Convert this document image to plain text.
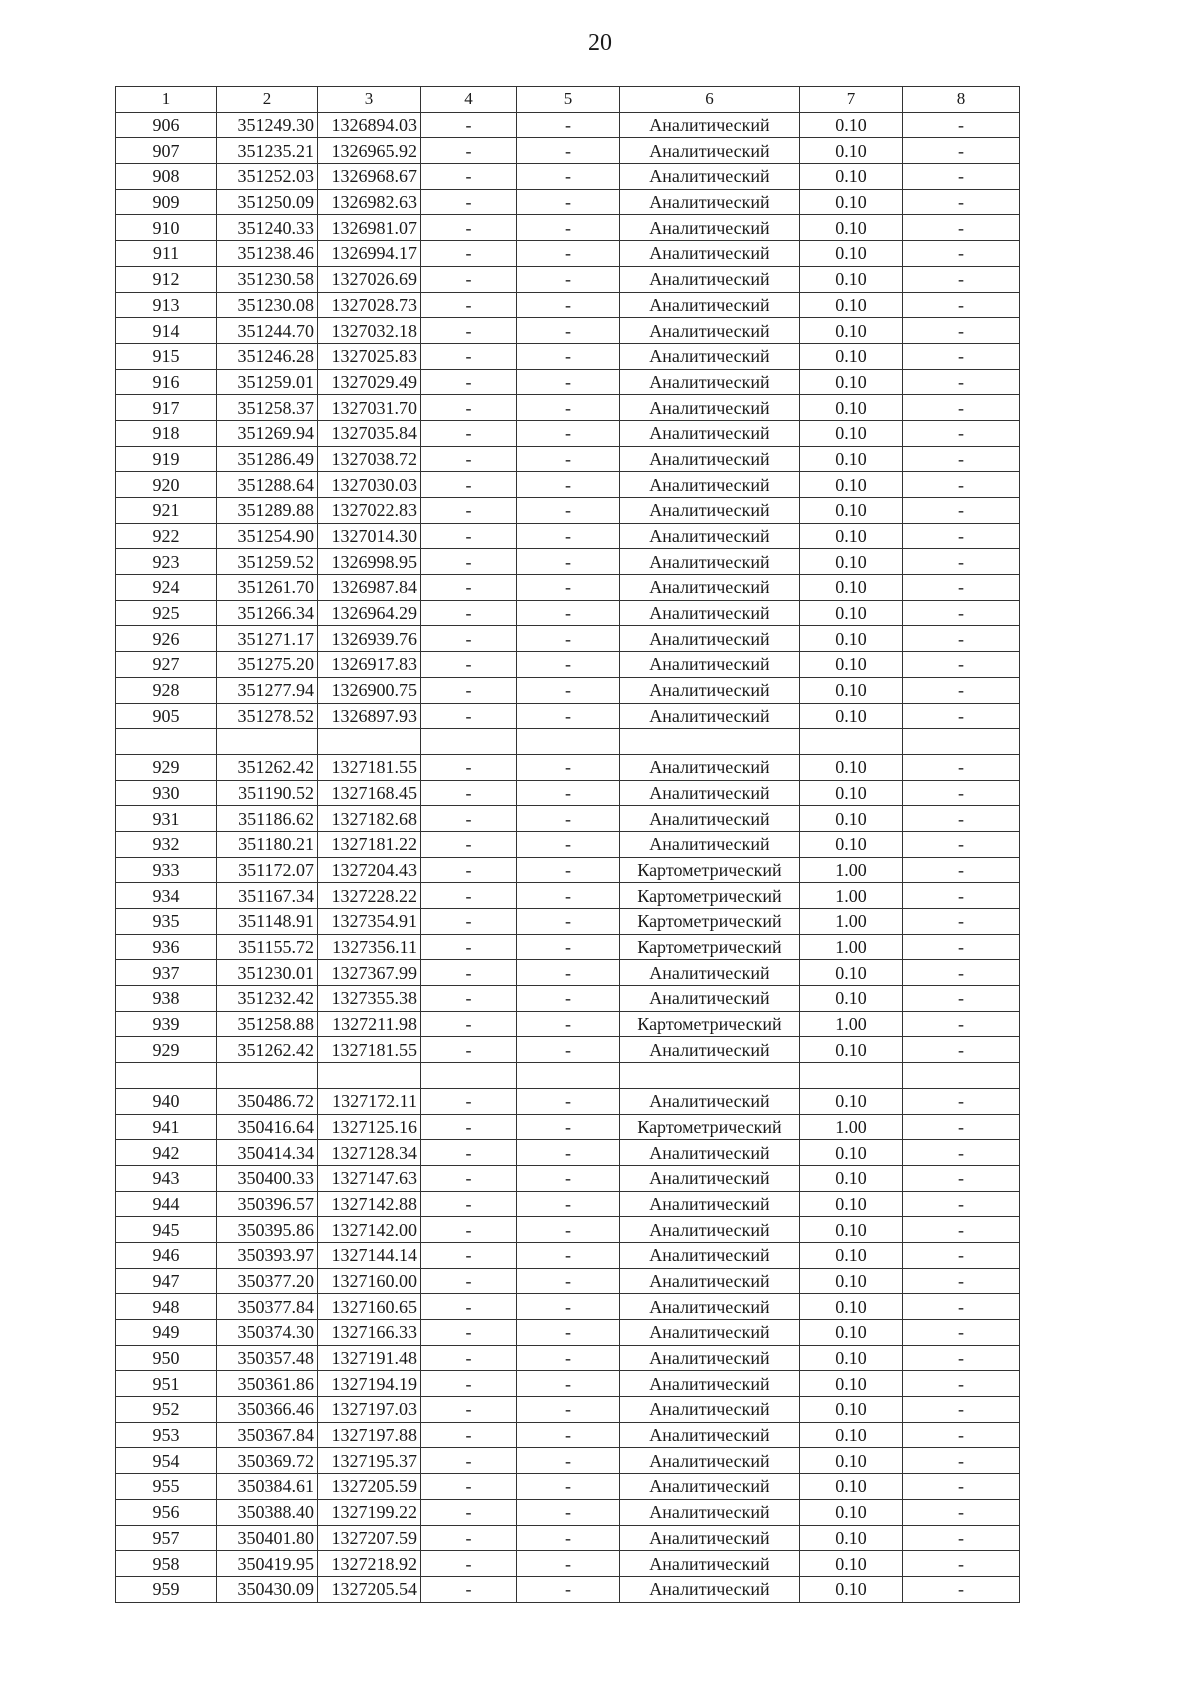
20
1	2	3	4	5	6	7	8
906	351249.30	1326894.03	-	-	Аналитический	0.10	-
907	351235.21	1326965.92	-	-	Аналитический	0.10	-
908	351252.03	1326968.67	-	-	Аналитический	0.10	-
909	351250.09	1326982.63	-	-	Аналитический	0.10	-
910	351240.33	1326981.07	-	-	Аналитический	0.10	-
911	351238.46	1326994.17	-	-	Аналитический	0.10	-
912	351230.58	1327026.69	-	-	Аналитический	0.10	-
913	351230.08	1327028.73	-	-	Аналитический	0.10	-
914	351244.70	1327032.18	-	-	Аналитический	0.10	-
915	351246.28	1327025.83	-	-	Аналитический	0.10	-
916	351259.01	1327029.49	-	-	Аналитический	0.10	-
917	351258.37	1327031.70	-	-	Аналитический	0.10	-
918	351269.94	1327035.84	-	-	Аналитический	0.10	-
919	351286.49	1327038.72	-	-	Аналитический	0.10	-
920	351288.64	1327030.03	-	-	Аналитический	0.10	-
921	351289.88	1327022.83	-	-	Аналитический	0.10	-
922	351254.90	1327014.30	-	-	Аналитический	0.10	-
923	351259.52	1326998.95	-	-	Аналитический	0.10	-
924	351261.70	1326987.84	-	-	Аналитический	0.10	-
925	351266.34	1326964.29	-	-	Аналитический	0.10	-
926	351271.17	1326939.76	-	-	Аналитический	0.10	-
927	351275.20	1326917.83	-	-	Аналитический	0.10	-
928	351277.94	1326900.75	-	-	Аналитический	0.10	-
905	351278.52	1326897.93	-	-	Аналитический	0.10	-

929	351262.42	1327181.55	-	-	Аналитический	0.10	-
930	351190.52	1327168.45	-	-	Аналитический	0.10	-
931	351186.62	1327182.68	-	-	Аналитический	0.10	-
932	351180.21	1327181.22	-	-	Аналитический	0.10	-
933	351172.07	1327204.43	-	-	Картометрический	1.00	-
934	351167.34	1327228.22	-	-	Картометрический	1.00	-
935	351148.91	1327354.91	-	-	Картометрический	1.00	-
936	351155.72	1327356.11	-	-	Картометрический	1.00	-
937	351230.01	1327367.99	-	-	Аналитический	0.10	-
938	351232.42	1327355.38	-	-	Аналитический	0.10	-
939	351258.88	1327211.98	-	-	Картометрический	1.00	-
929	351262.42	1327181.55	-	-	Аналитический	0.10	-

940	350486.72	1327172.11	-	-	Аналитический	0.10	-
941	350416.64	1327125.16	-	-	Картометрический	1.00	-
942	350414.34	1327128.34	-	-	Аналитический	0.10	-
943	350400.33	1327147.63	-	-	Аналитический	0.10	-
944	350396.57	1327142.88	-	-	Аналитический	0.10	-
945	350395.86	1327142.00	-	-	Аналитический	0.10	-
946	350393.97	1327144.14	-	-	Аналитический	0.10	-
947	350377.20	1327160.00	-	-	Аналитический	0.10	-
948	350377.84	1327160.65	-	-	Аналитический	0.10	-
949	350374.30	1327166.33	-	-	Аналитический	0.10	-
950	350357.48	1327191.48	-	-	Аналитический	0.10	-
951	350361.86	1327194.19	-	-	Аналитический	0.10	-
952	350366.46	1327197.03	-	-	Аналитический	0.10	-
953	350367.84	1327197.88	-	-	Аналитический	0.10	-
954	350369.72	1327195.37	-	-	Аналитический	0.10	-
955	350384.61	1327205.59	-	-	Аналитический	0.10	-
956	350388.40	1327199.22	-	-	Аналитический	0.10	-
957	350401.80	1327207.59	-	-	Аналитический	0.10	-
958	350419.95	1327218.92	-	-	Аналитический	0.10	-
959	350430.09	1327205.54	-	-	Аналитический	0.10	-
